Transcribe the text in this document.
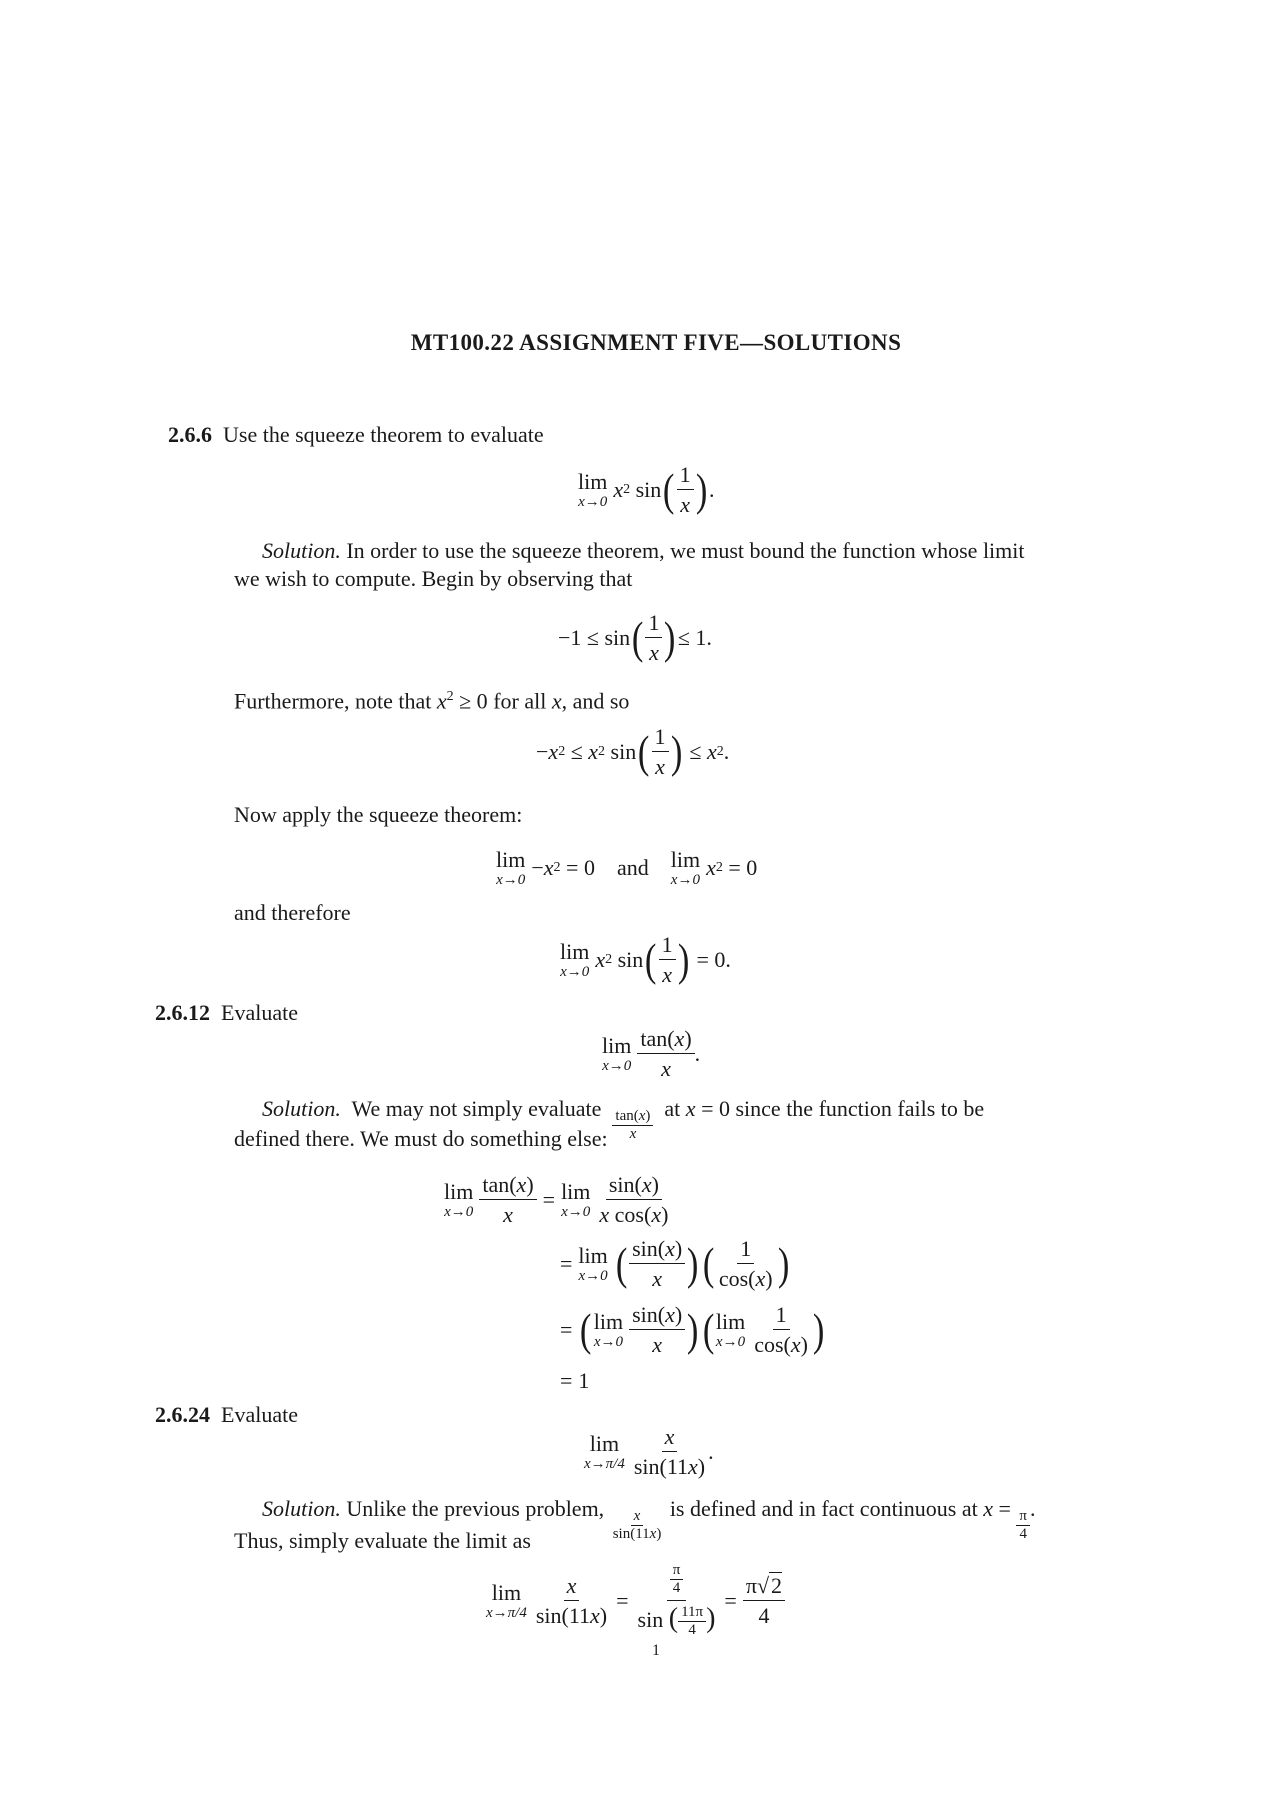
MT100.22 ASSIGNMENT FIVE—SOLUTIONS
2.6.6 Use the squeeze theorem to evaluate
lim
x→0
x 2 sin ( 1
x ) .
Solution. In order to use the squeeze theorem, we must bound the function whose limit
we wish to compute. Begin by observing that
−1 ≤ sin ( 1
x ) ≤ 1.
Furthermore, note that $x^2 \ge 0$ for all x, and so
− x 2 ≤ x 2 sin ( 1
x ) ≤ x 2 .
Now apply the squeeze theorem:
lim
x→0
− x 2 = 0	and	lim
x→0
x 2 = 0
and therefore
lim
x→0
x 2 sin ( 1
x ) = 0.
2.6.12 Evaluate
lim
x→0
tan(x)
x
.
Solution. We may not simply evaluate $\frac{\tan(x)}{x}$ at x = 0 since the function fails to be
defined there. We must do something else:
lim
$x\to 0 \frac{\tan(x)}{x} = \lim$
x→0
sin(x)
x cos(x)
= lim
x→0 ( sin(x)
x ) ( 1
cos(x) )
= ( lim
x→0
sin(x)
x ) ( lim
x→0
1
cos(x) )
= 1
2.6.24 Evaluate
lim
x→π/4
x
sin(11x)
.
Solution. Unlike the previous problem, $\frac{x}{\sin(11x)}$ is defined and in fact continuous at $x = \frac{\pi}{4}$ .
Thus, simply evaluate the limit as
lim
$x\to\pi/4 \frac{x}{\sin(11x)} = \frac{\frac{\pi}{4}}{\sin ( \frac{11\pi}{4} )} = \frac{\pi√2}{4}$
1
